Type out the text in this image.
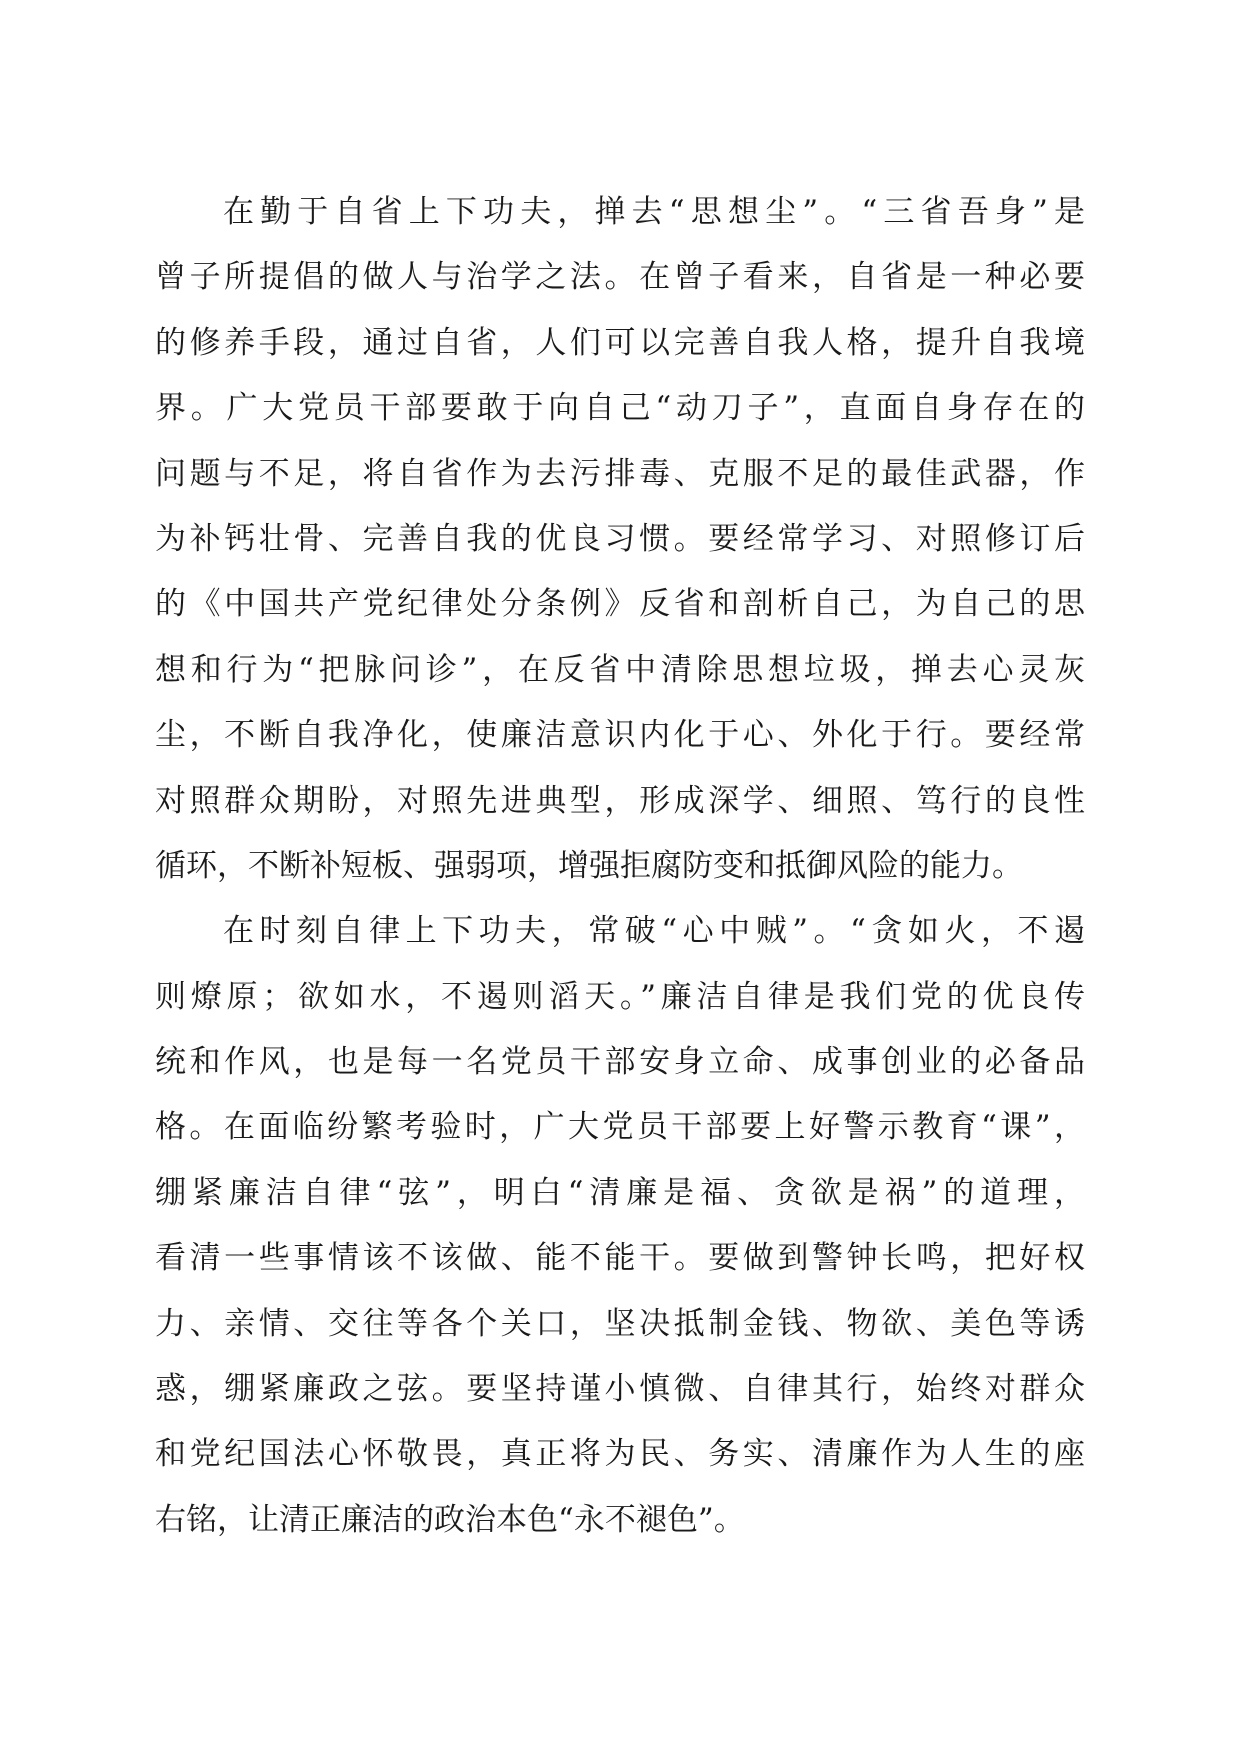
在勤于自省上下功夫，掸去“思想尘”。“三省吾身”是
曾子所提倡的做人与治学之法。在曾子看来，自省是一种必要
的修养手段，通过自省，人们可以完善自我人格，提升自我境
界。广大党员干部要敢于向自己“动刀子”，直面自身存在的
问题与不足，将自省作为去污排毒、克服不足的最佳武器，作
为补钙壮骨、完善自我的优良习惯。要经常学习、对照修订后
的《中国共产党纪律处分条例》反省和剖析自己，为自己的思
想和行为“把脉问诊”，在反省中清除思想垃圾，掸去心灵灰
尘，不断自我净化，使廉洁意识内化于心、外化于行。要经常
对照群众期盼，对照先进典型，形成深学、细照、笃行的良性
循环，不断补短板、强弱项，增强拒腐防变和抵御风险的能力。
在时刻自律上下功夫，常破“心中贼”。“贪如火，不遏
则燎原；欲如水，不遏则滔天。”廉洁自律是我们党的优良传
统和作风，也是每一名党员干部安身立命、成事创业的必备品
格。在面临纷繁考验时，广大党员干部要上好警示教育“课”，
绷紧廉洁自律“弦”，明白“清廉是福、贪欲是祸”的道理，
看清一些事情该不该做、能不能干。要做到警钟长鸣，把好权
力、亲情、交往等各个关口，坚决抵制金钱、物欲、美色等诱
惑，绷紧廉政之弦。要坚持谨小慎微、自律其行，始终对群众
和党纪国法心怀敬畏，真正将为民、务实、清廉作为人生的座
右铭，让清正廉洁的政治本色“永不褪色”。
